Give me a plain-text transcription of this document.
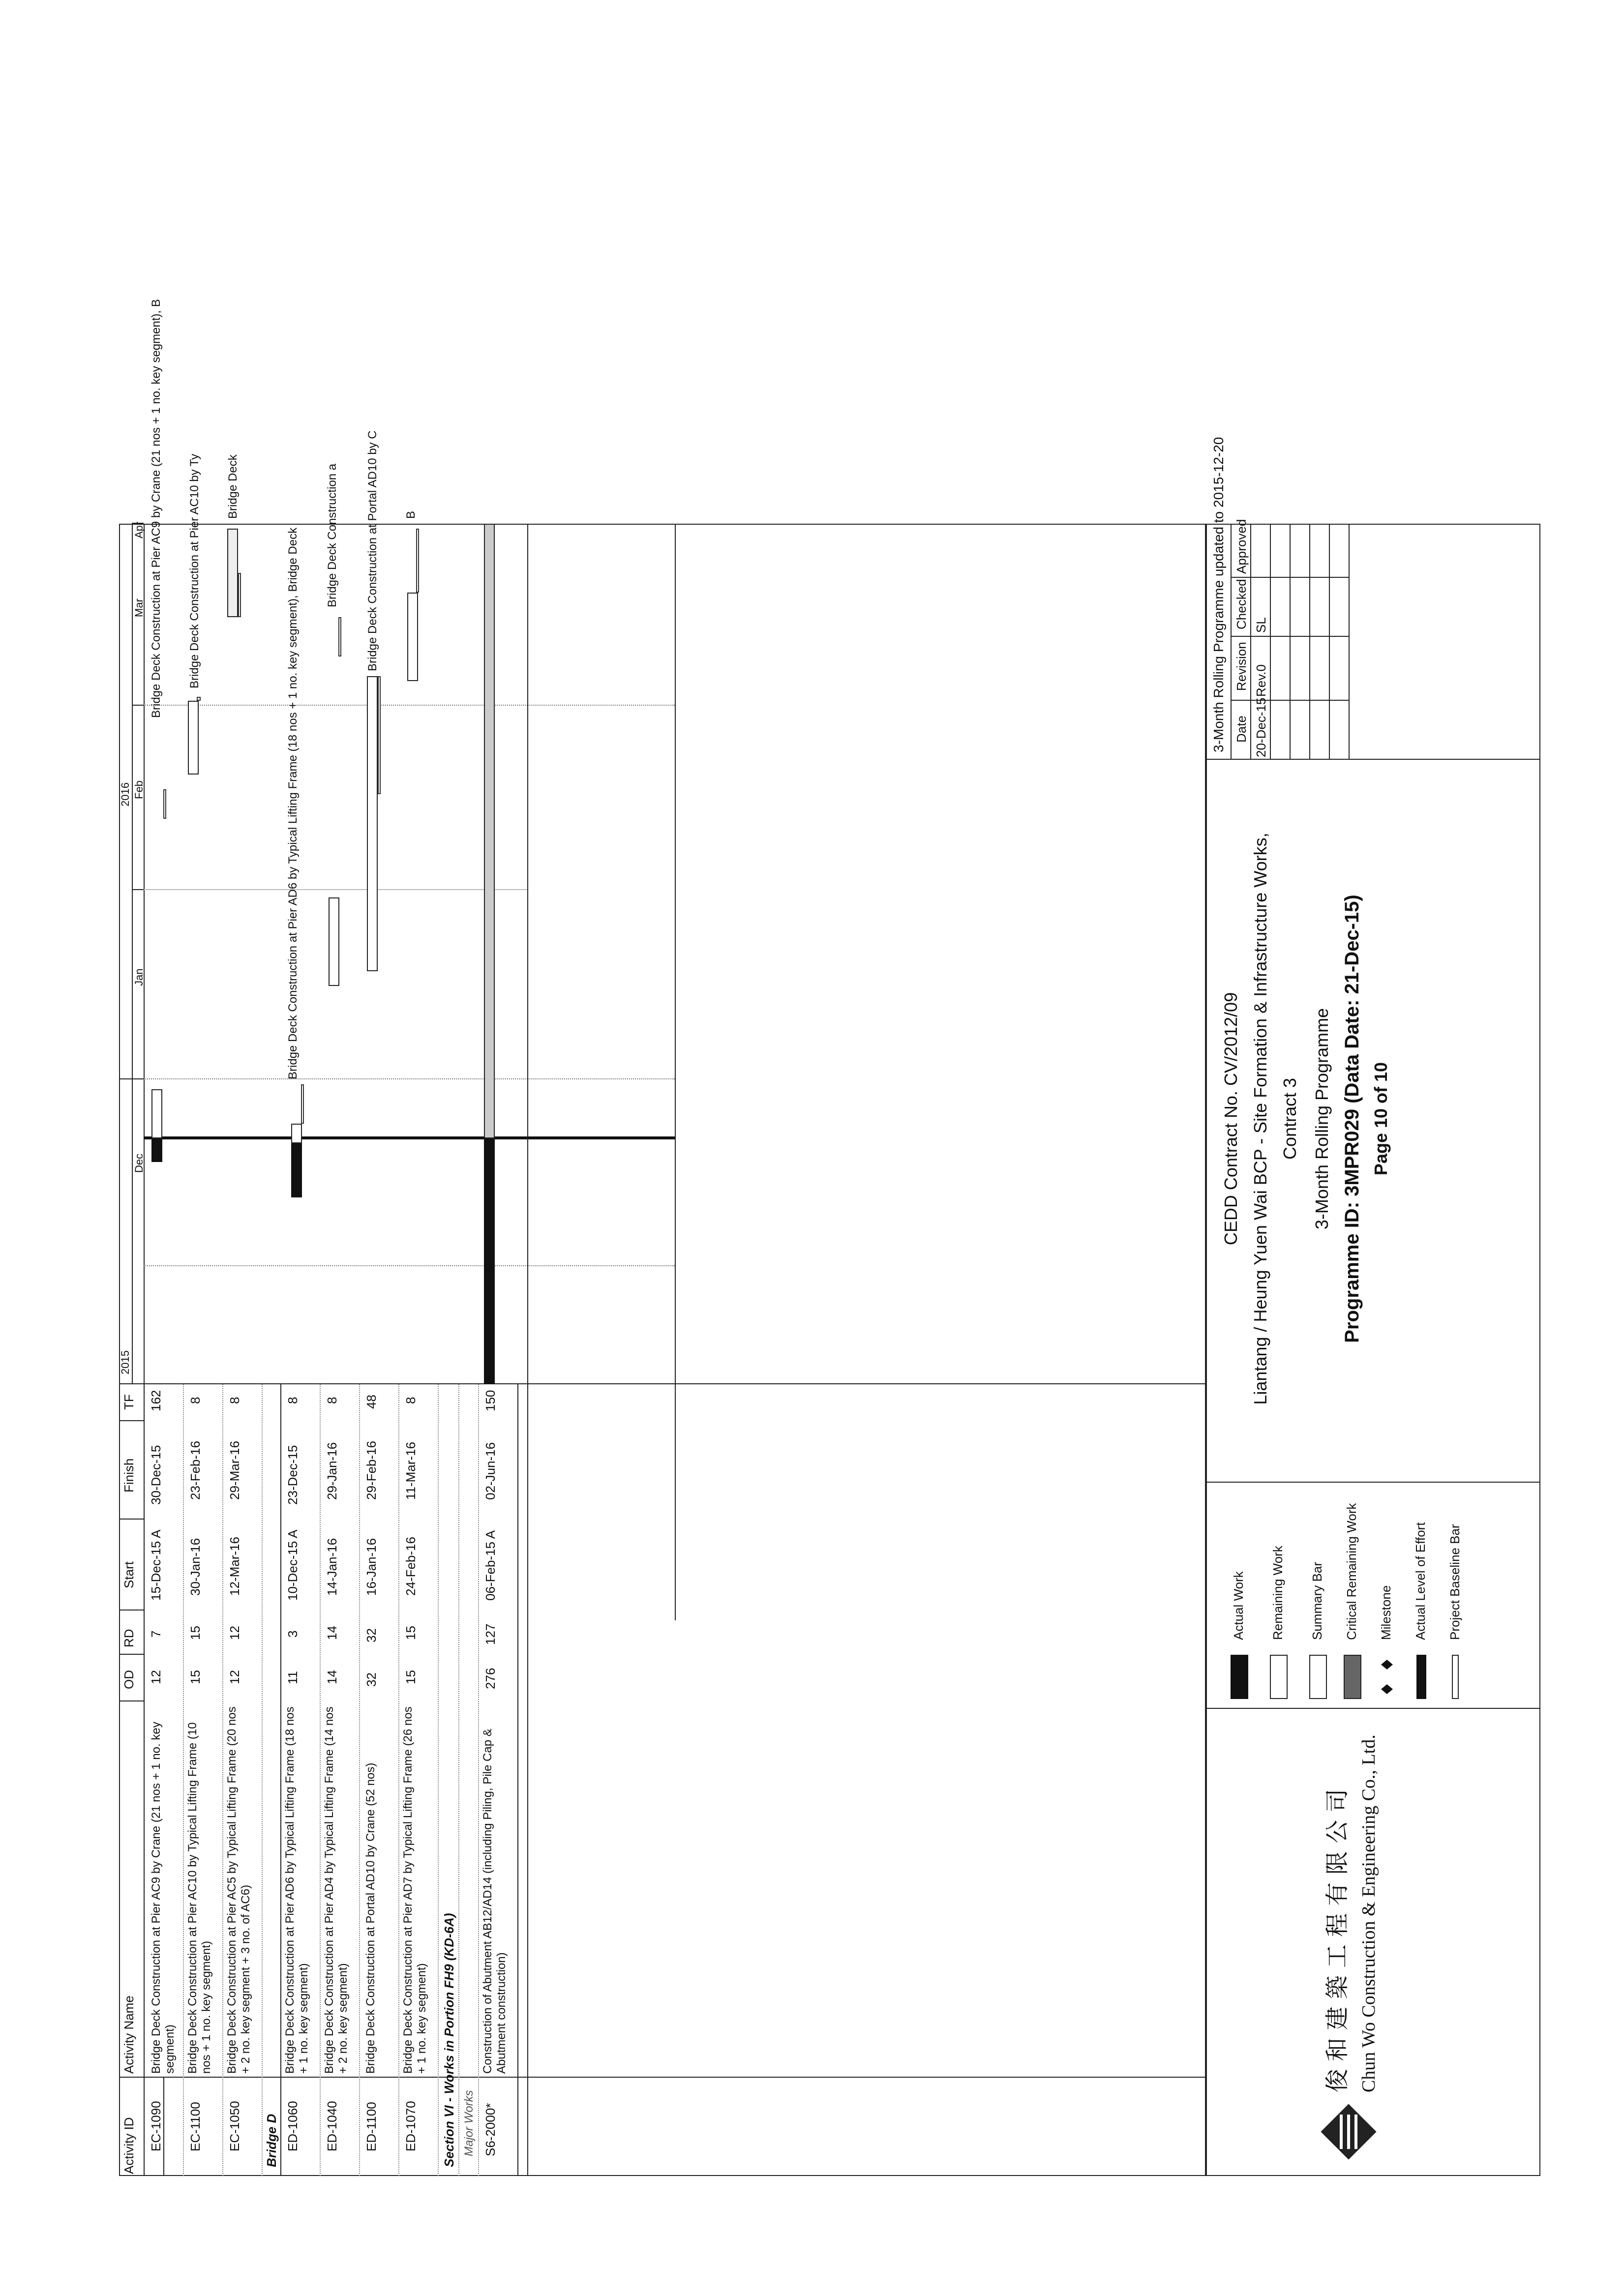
Activity ID
Activity Name
OD
RD
Start
Finish
TF
2015
2016
Dec
Jan
Feb
Mar
Apr
EC-1090
Bridge Deck Construction at Pier AC9 by Crane (21 nos + 1 no. key segment)
12
7
15-Dec-15 A
30-Dec-15
162
Bridge Deck Construction at Pier AC9 by Crane (21 nos + 1 no. key segment), B
EC-1100
Bridge Deck Construction at Pier AC10 by Typical Lifting Frame (10 nos + 1 no. key segment)
15
15
30-Jan-16
23-Feb-16
8
Bridge Deck Construction at Pier AC10 by Ty
EC-1050
Bridge Deck Construction at Pier AC5 by Typical Lifting Frame (20 nos + 2 no. key segment + 3 no. of AC6)
12
12
12-Mar-16
29-Mar-16
8
Bridge Deck
Bridge D ED-1060
Bridge Deck Construction at Pier AD6 by Typical Lifting Frame (18 nos + 1 no. key segment)
11
3
10-Dec-15 A
23-Dec-15
8
Bridge Deck Construction at Pier AD6 by Typical Lifting Frame (18 nos + 1 no. key segment), Bridge Deck
ED-1040
Bridge Deck Construction at Pier AD4 by Typical Lifting Frame (14 nos + 2 no. key segment)
14
14
14-Jan-16
29-Jan-16
8
Bridge Deck Construction a
ED-1100
Bridge Deck Construction at Portal AD10 by Crane (52 nos)
32
32
16-Jan-16
29-Feb-16
48
Bridge Deck Construction at Portal AD10 by C
ED-1070
Bridge Deck Construction at Pier AD7 by Typical Lifting Frame (26 nos + 1 no. key segment)
15
15
24-Feb-16
11-Mar-16
8
B
Section VI - Works in Portion FH9 (KD-6A) Major Works S6-2000*
Construction of Abutment AB12/AD14 (including Piling, Pile Cap & Abutment construction)
276
127
06-Feb-15 A
02-Jun-16
150
俊 和 建 築 工 程 有 限 公 司 Chun Wo Construction & Engineering Co., Ltd.
Actual Work Remaining Work Summary Bar Critical Remaining Work Milestone Actual Level of Effort Project Baseline Bar
CEDD Contract No. CV/2012/09 Liantang / Heung Yuen Wai BCP - Site Formation & Infrastructure Works, Contract 3 3-Month Rolling Programme Programme ID: 3MPR029 (Data Date: 21-Dec-15) Page 10 of 10
3-Month Rolling Programme updated to 2015-12-20 Date
Revision
Checked
Approved
20-Dec-15
Rev.0
SL
